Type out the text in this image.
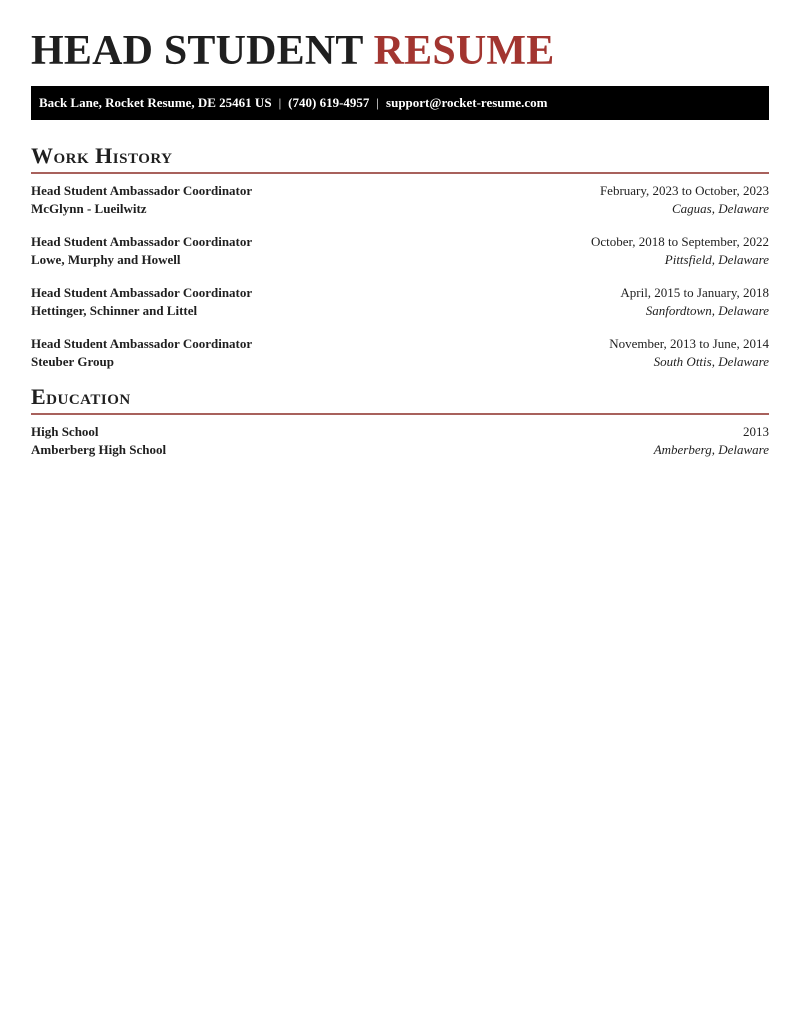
HEAD STUDENT RESUME
Back Lane, Rocket Resume, DE 25461 US | (740) 619-4957 | support@rocket-resume.com
Work History
Head Student Ambassador Coordinator
McGlynn - Lueilwitz
February, 2023 to October, 2023
Caguas, Delaware
Head Student Ambassador Coordinator
Lowe, Murphy and Howell
October, 2018 to September, 2022
Pittsfield, Delaware
Head Student Ambassador Coordinator
Hettinger, Schinner and Littel
April, 2015 to January, 2018
Sanfordtown, Delaware
Head Student Ambassador Coordinator
Steuber Group
November, 2013 to June, 2014
South Ottis, Delaware
Education
High School
Amberberg High School
2013
Amberberg, Delaware
